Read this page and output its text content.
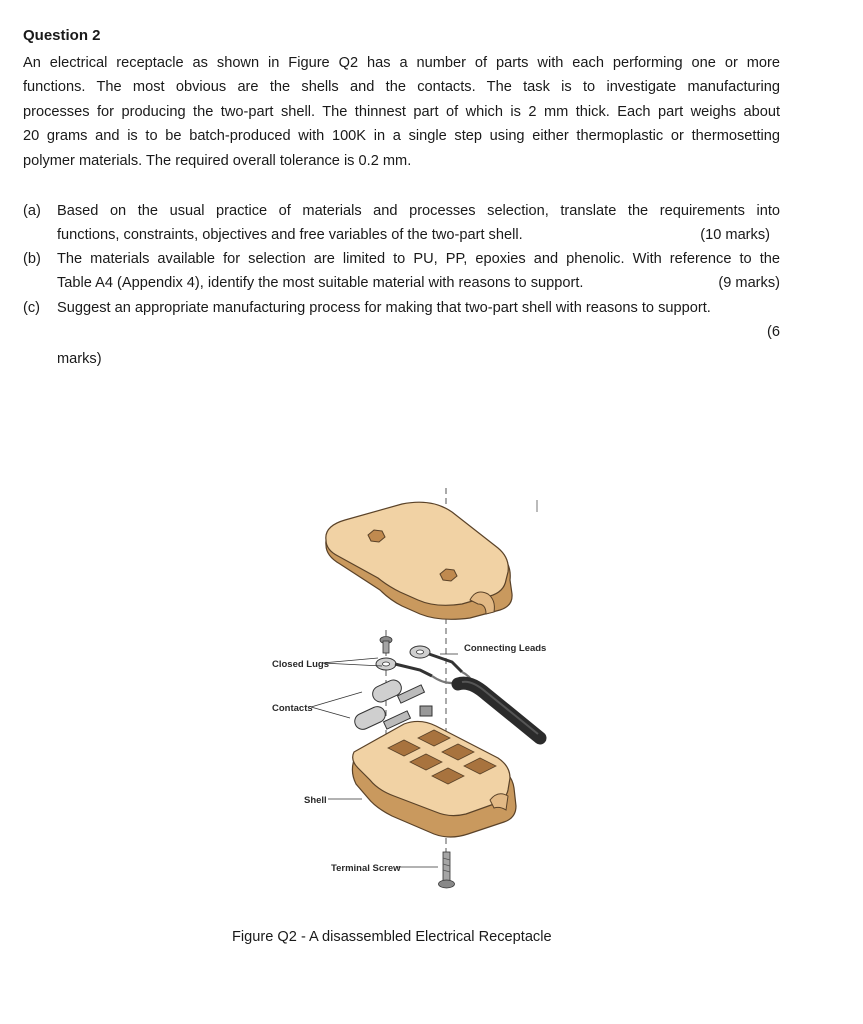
Question 2
An electrical receptacle as shown in Figure Q2 has a number of parts with each performing one or more
functions. The most obvious are the shells and the contacts. The task is to investigate manufacturing
processes for producing the two-part shell. The thinnest part of which is 2 mm thick. Each part weighs about
20 grams and is to be batch-produced with 100K in a single step using either thermoplastic or thermosetting
polymer materials. The required overall tolerance is 0.2 mm.
(a) Based on the usual practice of materials and processes selection, translate the requirements into
functions, constraints, objectives and free variables of the two-part shell.	(10 marks)
(b) The materials available for selection are limited to PU, PP, epoxies and phenolic. With reference to the
Table A4 (Appendix 4), identify the most suitable material with reasons to support.	(9 marks)
(c) Suggest an appropriate manufacturing process for making that two-part shell with reasons to support.
(6
marks)
Closed Lugs
Contacts
Shell
Connecting Leads
Terminal Screw
Figure Q2 - A disassembled Electrical Receptacle
